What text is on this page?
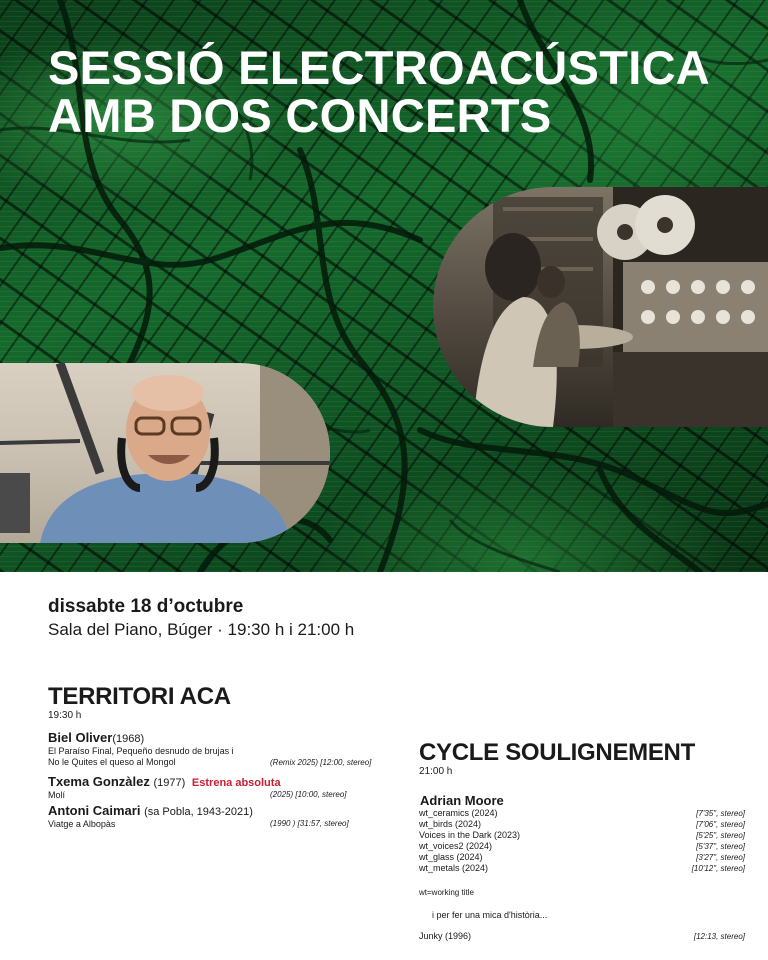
SESSIÓ ELECTROACÚSTICA
AMB DOS CONCERTS
dissabte 18 d’octubre
Sala del Piano, Búger · 19:30 h i 21:00 h
TERRITORI ACA
19:30 h
Biel Oliver(1968)
El Paraíso Final, Pequeño desnudo de brujas i
No le Quites el queso al Mongol	(Remix 2025) [12:00, stereo]
Txema Gonzàlez (1977) Estrena absoluta
Molí	(2025) [10:00, stereo]
Antoni Caimari (sa Pobla, 1943-2021)
Viatge a Albopàs	(1990 ) [31:57, stereo]
CYCLE SOULIGNEMENT
21:00 h
Adrian Moore
wt_ceramics (2024)	[7'35", stereo]
wt_birds (2024)	[7'06", stereo]
Voices in the Dark (2023)	[5'25", stereo]
wt_voices2 (2024)	[5'37", stereo]
wt_glass (2024)	[3'27", stereo]
wt_metals (2024)	[10'12", stereo]
wt=working title
i per fer una mica d'història...
Junky (1996)	[12:13, stereo]
